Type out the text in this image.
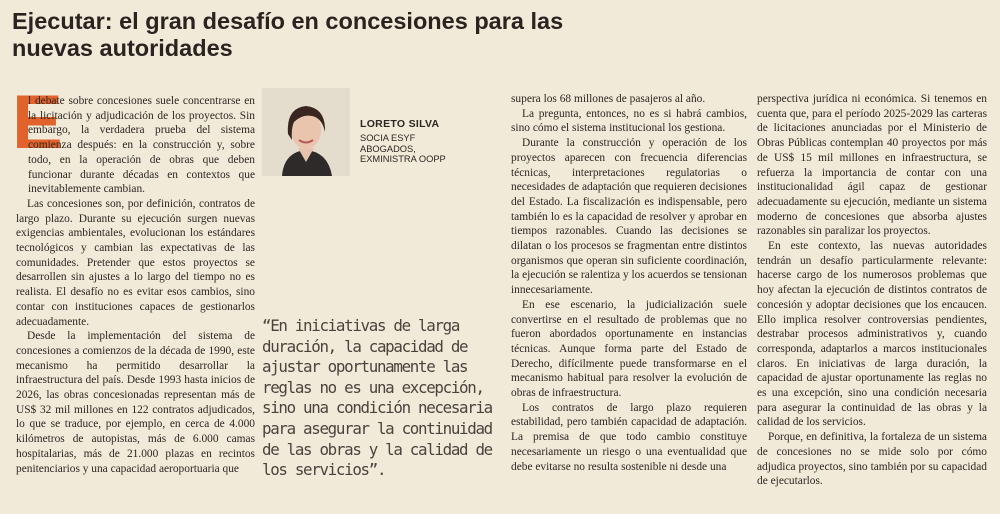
Ejecutar: el gran desafío en concesiones para las nuevas autoridades
LORETO SILVA
SOCIA ESYF
ABOGADOS,
EXMINISTRA OOPP
E

l debate sobre concesiones suele concentrarse en la licitación y adjudicación de los proyectos. Sin embargo, la verdadera prueba del sistema comienza después: en la construcción y, sobre todo, en la operación de obras que deben funcionar durante décadas en contextos que inevitablemente cambian.

Las concesiones son, por definición, contratos de largo plazo. Durante su ejecución surgen nuevas exigencias ambientales, evolucionan los estándares tecnológicos y cambian las expectativas de las comunidades. Pretender que estos proyectos se desarrollen sin ajustes a lo largo del tiempo no es realista. El desafío no es evitar esos cambios, sino contar con instituciones capaces de gestionarlos adecuadamente.

Desde la implementación del sistema de concesiones a comienzos de la década de 1990, este mecanismo ha permitido desarrollar la infraestructura del país. Desde 1993 hasta inicios de 2026, las obras concesionadas representan más de US$ 32 mil millones en 122 contratos adjudicados, lo que se traduce, por ejemplo, en cerca de 4.000 kilómetros de autopistas, más de 6.000 camas hospitalarias, más de 21.000 plazas en recintos penitenciarios y una capacidad aeroportuaria que

“En iniciativas de larga duración, la capacidad de ajustar oportunamente las reglas no es una excepción, sino una condición necesaria para asegurar la continuidad de las obras y la calidad de los servicios”.

supera los 68 millones de pasajeros al año.

La pregunta, entonces, no es si habrá cambios, sino cómo el sistema institucional los gestiona.

Durante la construcción y operación de los proyectos aparecen con frecuencia diferencias técnicas, interpretaciones regulatorias o necesidades de adaptación que requieren decisiones del Estado. La fiscalización es indispensable, pero también lo es la capacidad de resolver y aprobar en tiempos razonables. Cuando las decisiones se dilatan o los procesos se fragmentan entre distintos organismos que operan sin suficiente coordinación, la ejecución se ralentiza y los acuerdos se tensionan innecesariamente.

En ese escenario, la judicialización suele convertirse en el resultado de problemas que no fueron abordados oportunamente en instancias técnicas. Aunque forma parte del Estado de Derecho, difícilmente puede transformarse en el mecanismo habitual para resolver la evolución de obras de infraestructura.

Los contratos de largo plazo requieren estabilidad, pero también capacidad de adaptación. La premisa de que todo cambio constituye necesariamente un riesgo o una eventualidad que debe evitarse no resulta sostenible ni desde una

perspectiva jurídica ni económica. Si tenemos en cuenta que, para el período 2025-2029 las carteras de licitaciones anunciadas por el Ministerio de Obras Públicas contemplan 40 proyectos por más de US$ 15 mil millones en infraestructura, se refuerza la importancia de contar con una institucionalidad ágil capaz de gestionar adecuadamente su ejecución, mediante un sistema moderno de concesiones que absorba ajustes razonables sin paralizar los proyectos.

En este contexto, las nuevas autoridades tendrán un desafío particularmente relevante: hacerse cargo de los numerosos problemas que hoy afectan la ejecución de distintos contratos de concesión y adoptar decisiones que los encaucen. Ello implica resolver controversias pendientes, destrabar procesos administrativos y, cuando corresponda, adaptarlos a marcos institucionales claros. En iniciativas de larga duración, la capacidad de ajustar oportunamente las reglas no es una excepción, sino una condición necesaria para asegurar la continuidad de las obras y la calidad de los servicios.

Porque, en definitiva, la fortaleza de un sistema de concesiones no se mide solo por cómo adjudica proyectos, sino también por su capacidad de ejecutarlos.
